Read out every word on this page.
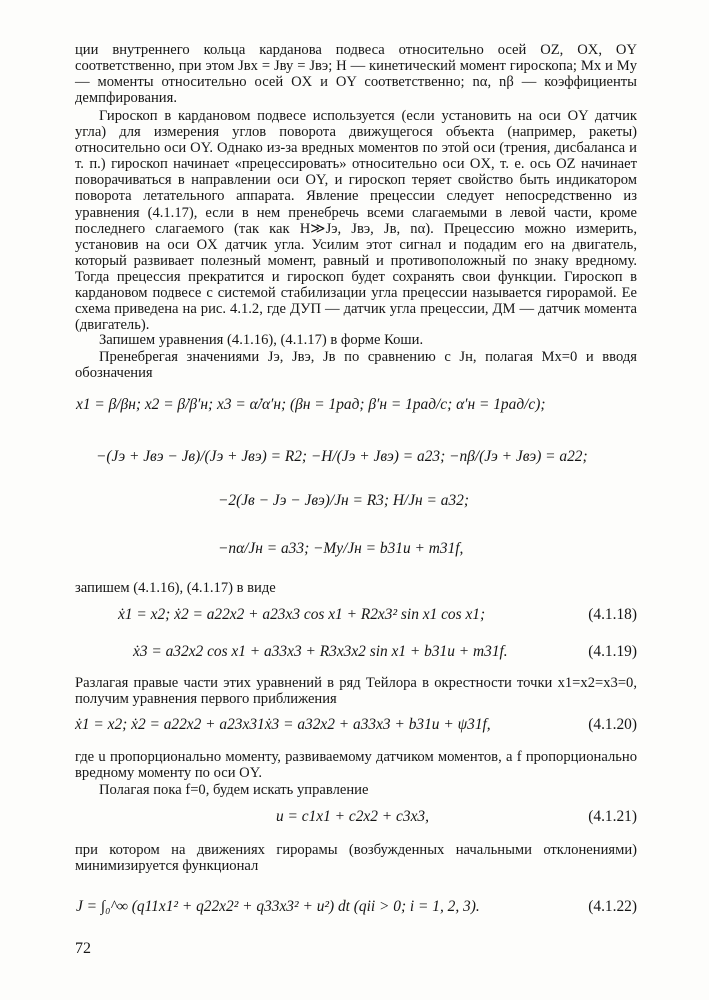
ции внутреннего кольца карданова подвеса относительно осей OZ, OX, OY соответственно, при этом Jвх = Jву = Jвэ; H — кинетический момент гироскопа; Mx и My — моменты относительно осей OX и OY соответственно; nα, nβ — коэффициенты демпфирования.
Гироскоп в кардановом подвесе используется (если установить на оси OY датчик угла) для измерения углов поворота движущегося объекта (например, ракеты) относительно оси OY. Однако из-за вредных моментов по этой оси (трения, дисбаланса и т. п.) гироскоп начинает «прецессировать» относительно оси OX, т. е. ось OZ начинает поворачиваться в направлении оси OY, и гироскоп теряет свойство быть индикатором поворота летательного аппарата. Явление прецессии следует непосредственно из уравнения (4.1.17), если в нем пренебречь всеми слагаемыми в левой части, кроме последнего слагаемого (так как H≫Jэ, Jвэ, Jв, nα). Прецессию можно измерить, установив на оси OX датчик угла. Усилим этот сигнал и подадим его на двигатель, который развивает полезный момент, равный и противоположный по знаку вредному. Тогда прецессия прекратится и гироскоп будет сохранять свои функции. Гироскоп в кардановом подвесе с системой стабилизации угла прецессии называется гирорамой. Ее схема приведена на рис. 4.1.2, где ДУП — датчик угла прецессии, ДМ — датчик момента (двигатель).
Запишем уравнения (4.1.16), (4.1.17) в форме Коши.
Пренебрегая значениями Jэ, Jвэ, Jв по сравнению с Jн, полагая Mx=0 и вводя обозначения
x1 = β/βн; x2 = β̇/β′н; x3 = α̇/α′н; (βн = 1рад; β′н = 1рад/с; α′н = 1рад/с);
−(Jэ + Jвэ − Jв)/(Jэ + Jвэ) = R2; −H/(Jэ + Jвэ) = a23; −nβ/(Jэ + Jвэ) = a22;
−2(Jв − Jэ − Jвэ)/Jн = R3; H/Jн = a32;
−nα/Jн = a33; −My/Jн = b31u + m31f,
запишем (4.1.16), (4.1.17) в виде
ẋ1 = x2; ẋ2 = a22x2 + a23x3 cos x1 + R2x3² sin x1 cos x1;	(4.1.18)
ẋ3 = a32x2 cos x1 + a33x3 + R3x3x2 sin x1 + b31u + m31f.	(4.1.19)
Разлагая правые части этих уравнений в ряд Тейлора в окрестности точки x1=x2=x3=0, получим уравнения первого приближения
ẋ1 = x2; ẋ2 = a22x2 + a23x31ẋ3 = a32x2 + a33x3 + b31u + ψ31f,	(4.1.20)
где u пропорционально моменту, развиваемому датчиком моментов, а f пропорционально вредному моменту по оси OY.
Полагая пока f=0, будем искать управление
u = c1x1 + c2x2 + c3x3,	(4.1.21)
при котором на движениях гирорамы (возбужденных начальными отклонениями) минимизируется функционал
J = ∫₀^∞ (q11x1² + q22x2² + q33x3² + u²) dt (qii > 0; i = 1, 2, 3).	(4.1.22)
72
